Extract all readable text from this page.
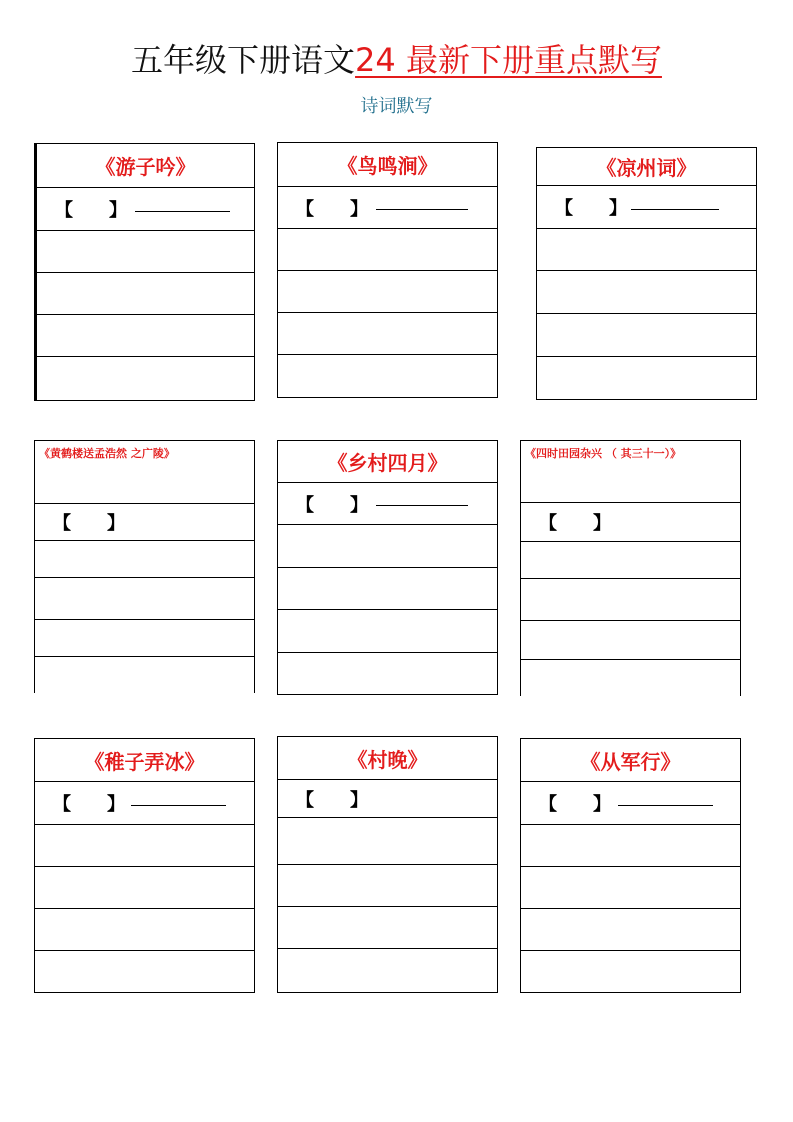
五年级下册语文24 最新下册重点默写
诗词默写
《游子吟》
【　　】
《鸟鸣涧》
【　　】
《凉州词》
【　　】
《黄鹤楼送孟浩然 之广陵》
【　　】
《乡村四月》
【　　】
《四时田园杂兴 （ 其三十一）》
【　　】
《稚子弄冰》
【　　】
《村晚》
【　　】
《从军行》
【　　】
